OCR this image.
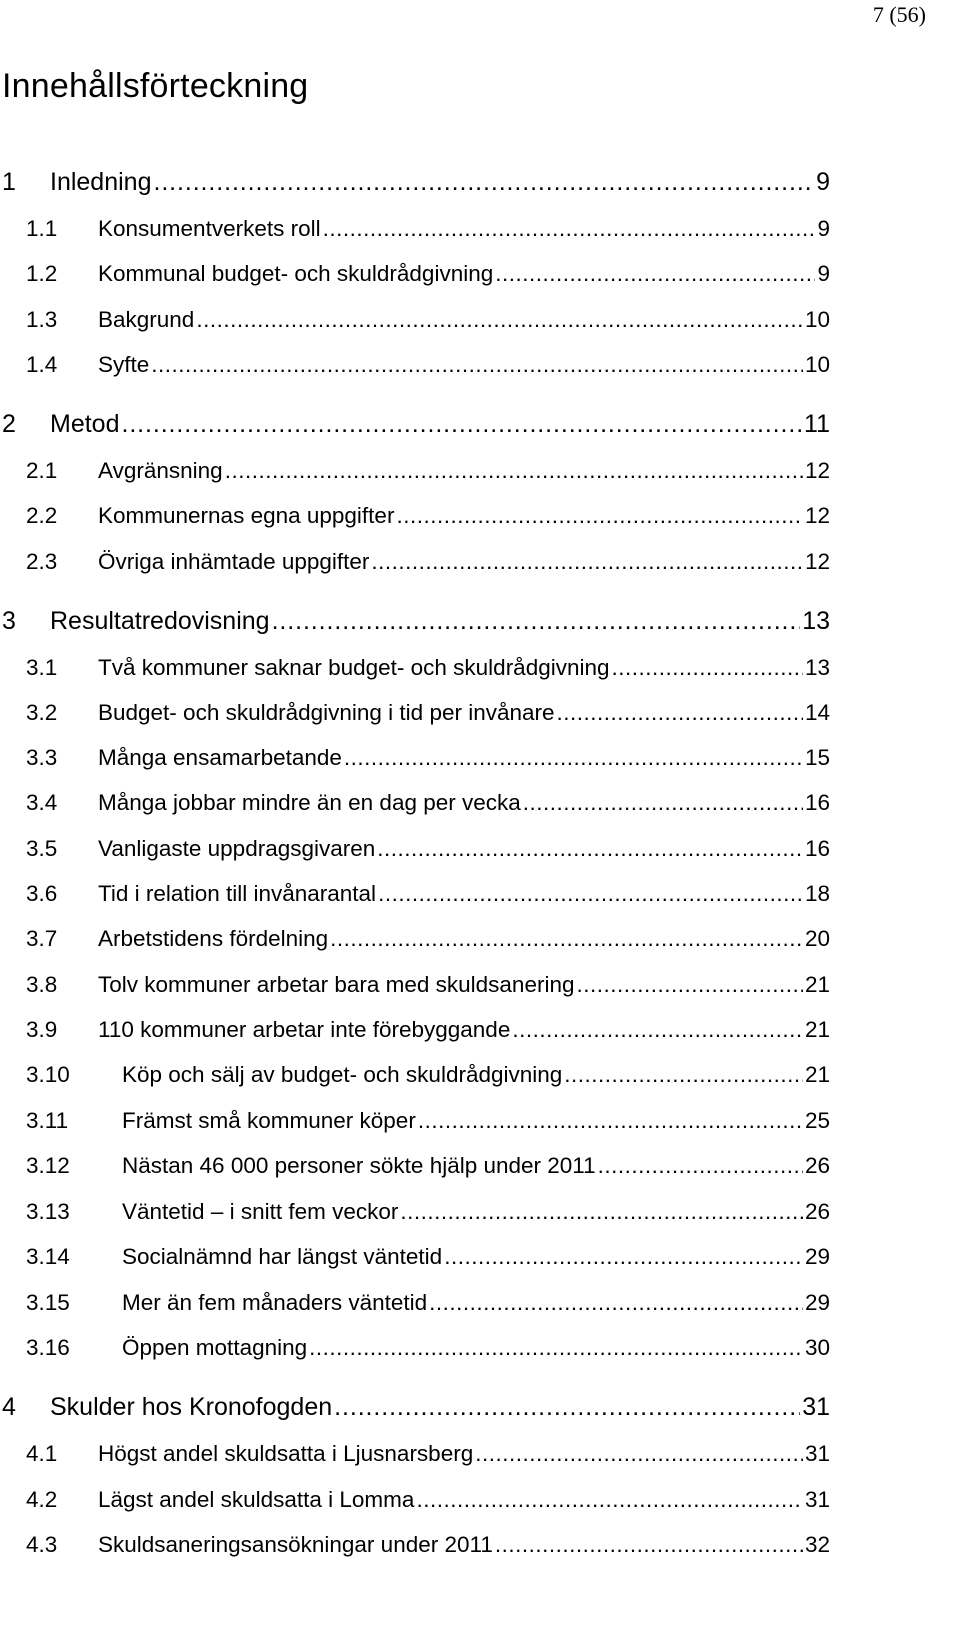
7 (56)
Innehållsförteckning
1	Inledning .....	9
1.1	Konsumentverkets roll .....	9
1.2	Kommunal budget- och skuldrådgivning .....	9
1.3	Bakgrund .....	10
1.4	Syfte .....	10
2	Metod .....	11
2.1	Avgränsning .....	12
2.2	Kommunernas egna uppgifter .....	12
2.3	Övriga inhämtade uppgifter .....	12
3	Resultatredovisning .....	13
3.1	Två kommuner saknar budget- och skuldrådgivning .....	13
3.2	Budget- och skuldrådgivning i tid per invånare .....	14
3.3	Många ensamarbetande .....	15
3.4	Många jobbar mindre än en dag per vecka .....	16
3.5	Vanligaste uppdragsgivaren .....	16
3.6	Tid i relation till invånarantal .....	18
3.7	Arbetstidens fördelning .....	20
3.8	Tolv kommuner arbetar bara med skuldsanering .....	21
3.9	110 kommuner arbetar inte förebyggande .....	21
3.10	Köp och sälj av budget- och skuldrådgivning .....	21
3.11	Främst små kommuner köper .....	25
3.12	Nästan 46 000 personer sökte hjälp under 2011 .....	26
3.13	Väntetid – i snitt fem veckor .....	26
3.14	Socialnämnd har längst väntetid .....	29
3.15	Mer än fem månaders väntetid .....	29
3.16	Öppen mottagning .....	30
4	Skulder hos Kronofogden .....	31
4.1	Högst andel skuldsatta i Ljusnarsberg .....	31
4.2	Lägst andel skuldsatta i Lomma .....	31
4.3	Skuldsaneringsansökningar under 2011 .....	32
